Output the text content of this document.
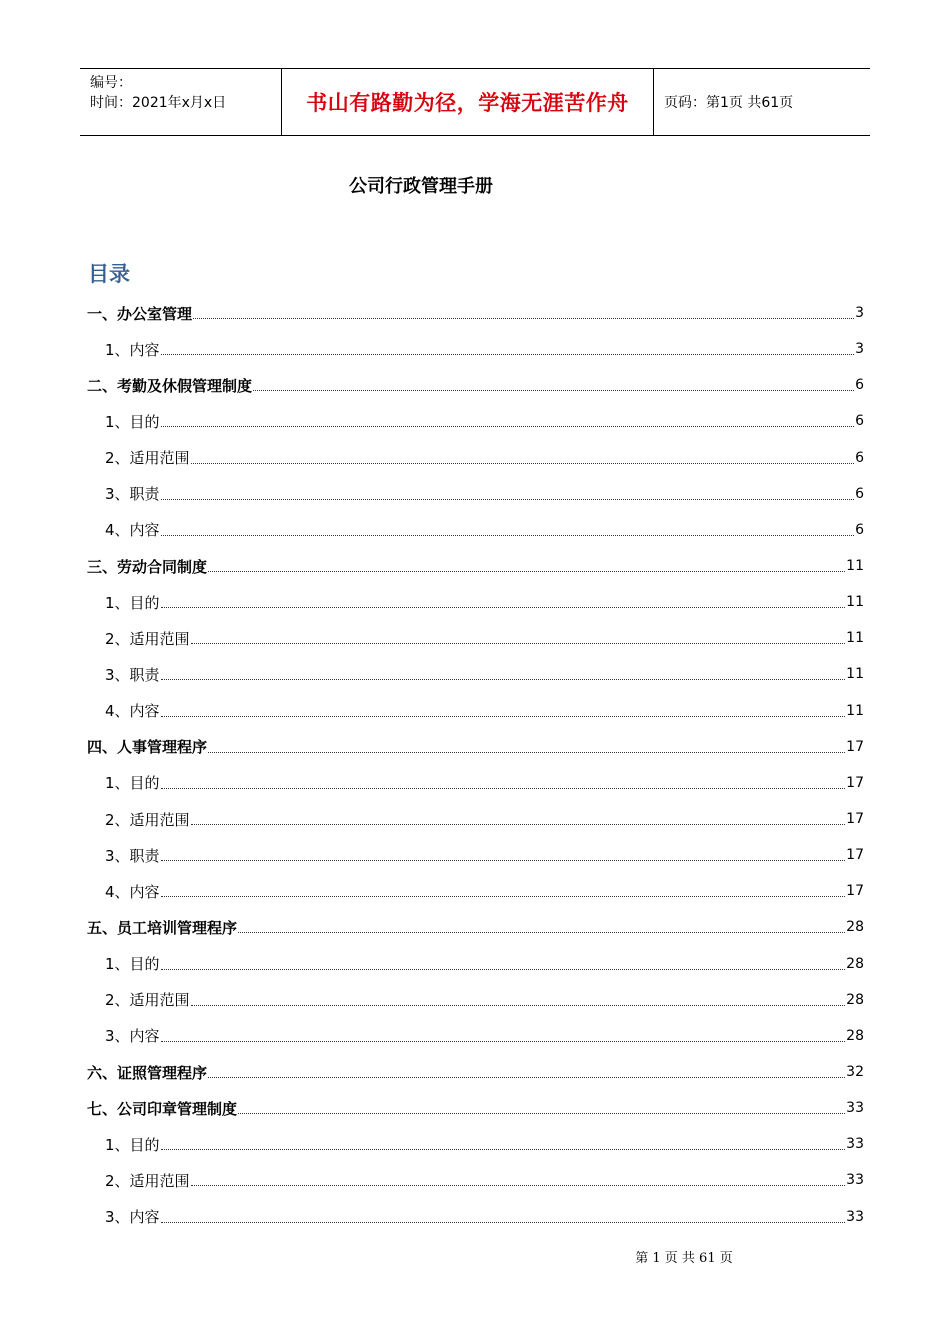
编号：
时间：2021年x月x日	书山有路勤为径，学海无涯苦作舟	页码：第1页 共61页
公司行政管理手册
目录
一、办公室管理	3
1、内容	3
二、考勤及休假管理制度	6
1、目的	6
2、适用范围	6
3、职责	6
4、内容	6
三、劳动合同制度	11
1、目的	11
2、适用范围	11
3、职责	11
4、内容	11
四、人事管理程序	17
1、目的	17
2、适用范围	17
3、职责	17
4、内容	17
五、员工培训管理程序	28
1、目的	28
2、适用范围	28
3、内容	28
六、证照管理程序	32
七、公司印章管理制度	33
1、目的	33
2、适用范围	33
3、内容	33
第 1 页 共 61 页
